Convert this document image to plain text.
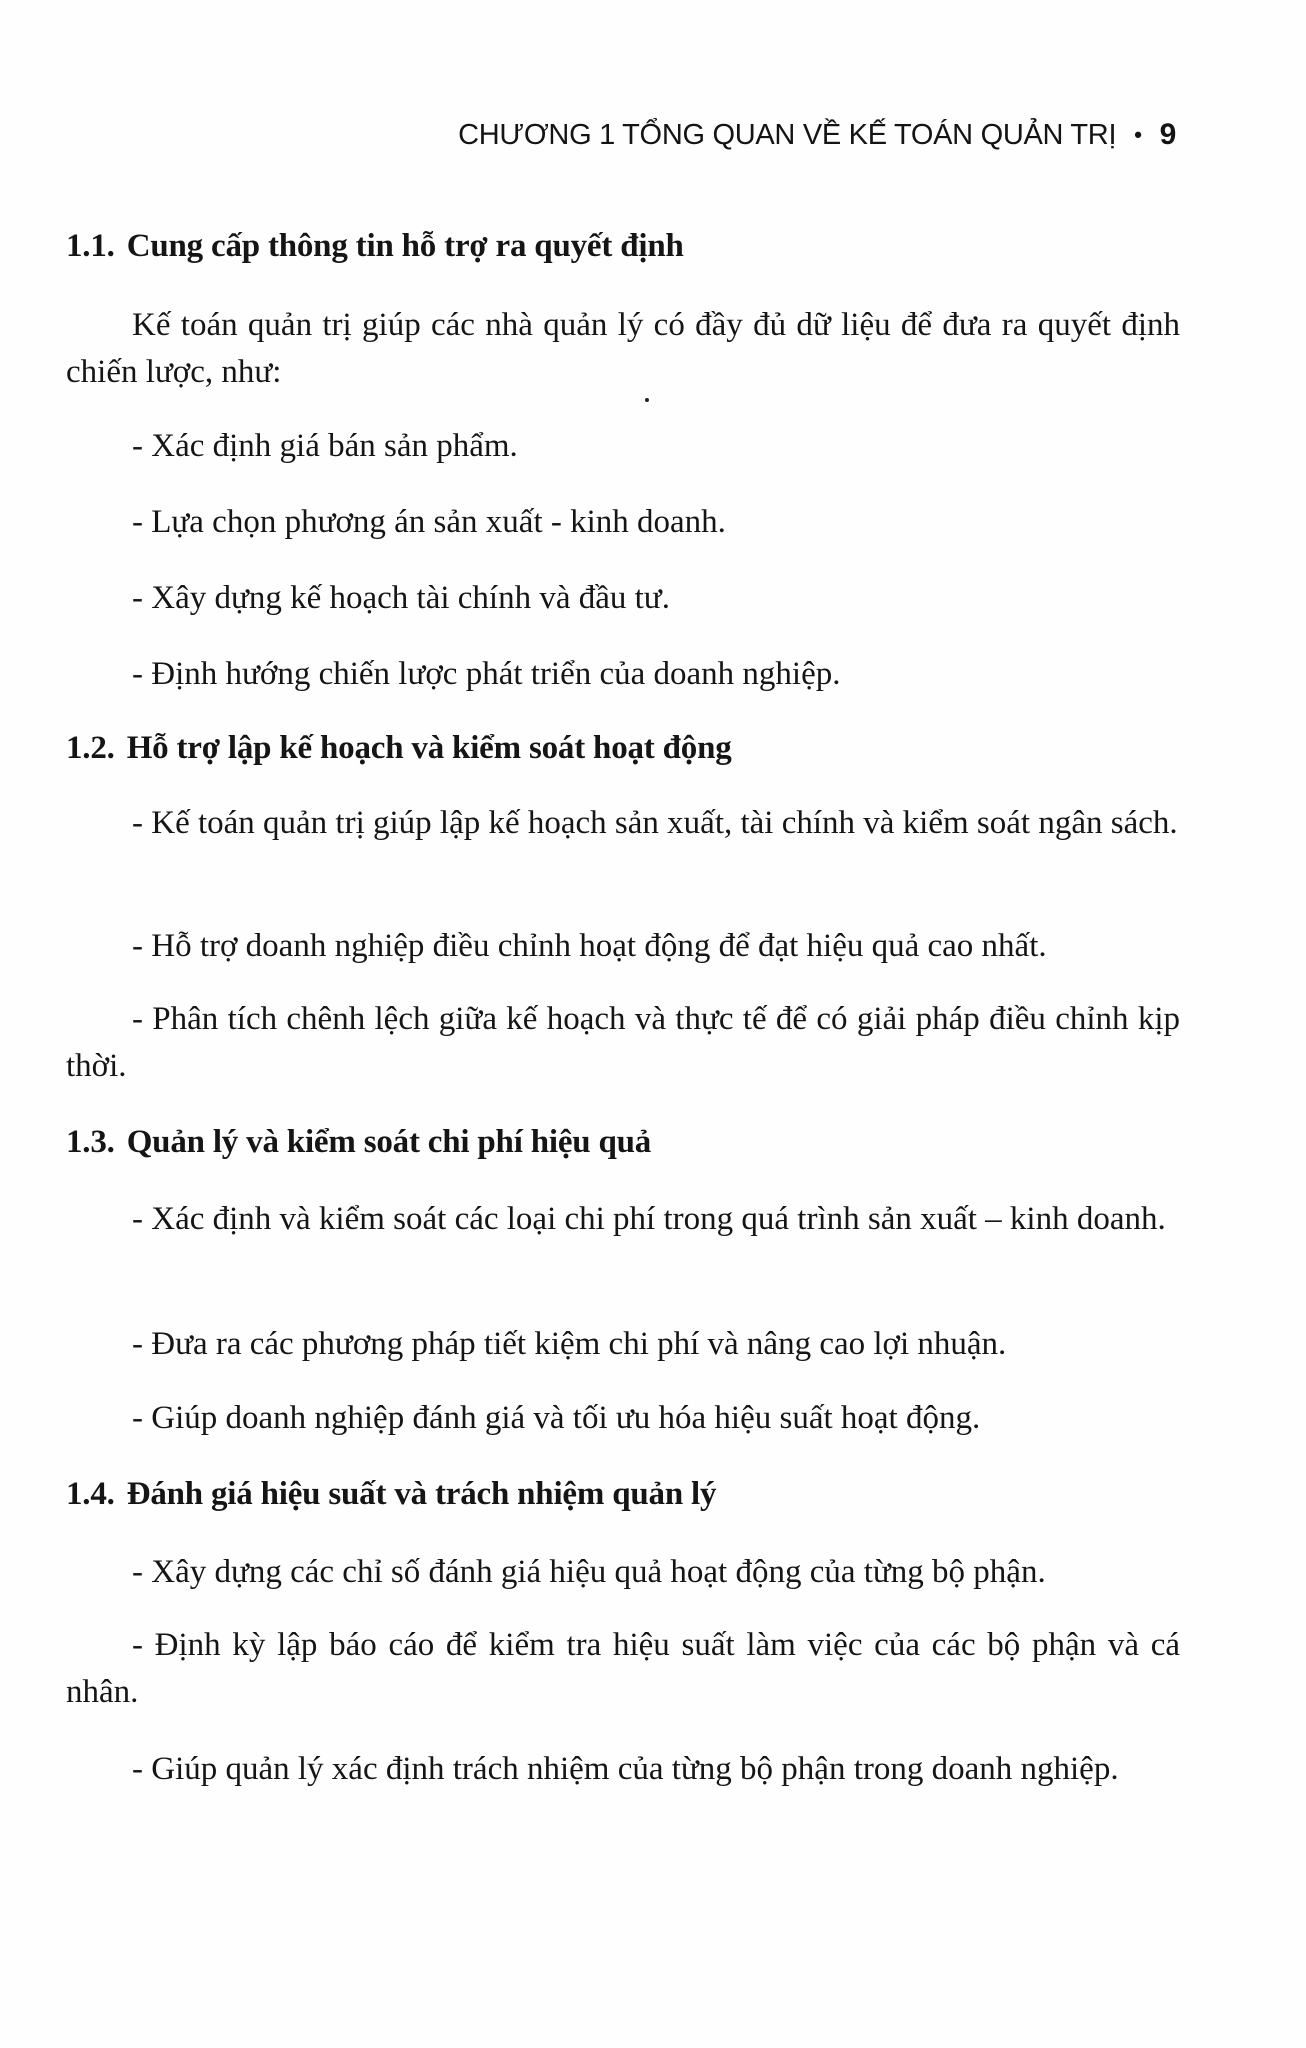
CHƯƠNG 1 TỔNG QUAN VỀ KẾ TOÁN QUẢN TRỊ • 9
1.1. Cung cấp thông tin hỗ trợ ra quyết định
Kế toán quản trị giúp các nhà quản lý có đầy đủ dữ liệu để đưa ra quyết định chiến lược, như:
- Xác định giá bán sản phẩm.
- Lựa chọn phương án sản xuất - kinh doanh.
- Xây dựng kế hoạch tài chính và đầu tư.
- Định hướng chiến lược phát triển của doanh nghiệp.
1.2. Hỗ trợ lập kế hoạch và kiểm soát hoạt động
- Kế toán quản trị giúp lập kế hoạch sản xuất, tài chính và kiểm soát ngân sách.
- Hỗ trợ doanh nghiệp điều chỉnh hoạt động để đạt hiệu quả cao nhất.
- Phân tích chênh lệch giữa kế hoạch và thực tế để có giải pháp điều chỉnh kịp thời.
1.3. Quản lý và kiểm soát chi phí hiệu quả
- Xác định và kiểm soát các loại chi phí trong quá trình sản xuất – kinh doanh.
- Đưa ra các phương pháp tiết kiệm chi phí và nâng cao lợi nhuận.
- Giúp doanh nghiệp đánh giá và tối ưu hóa hiệu suất hoạt động.
1.4. Đánh giá hiệu suất và trách nhiệm quản lý
- Xây dựng các chỉ số đánh giá hiệu quả hoạt động của từng bộ phận.
- Định kỳ lập báo cáo để kiểm tra hiệu suất làm việc của các bộ phận và cá nhân.
- Giúp quản lý xác định trách nhiệm của từng bộ phận trong doanh nghiệp.
